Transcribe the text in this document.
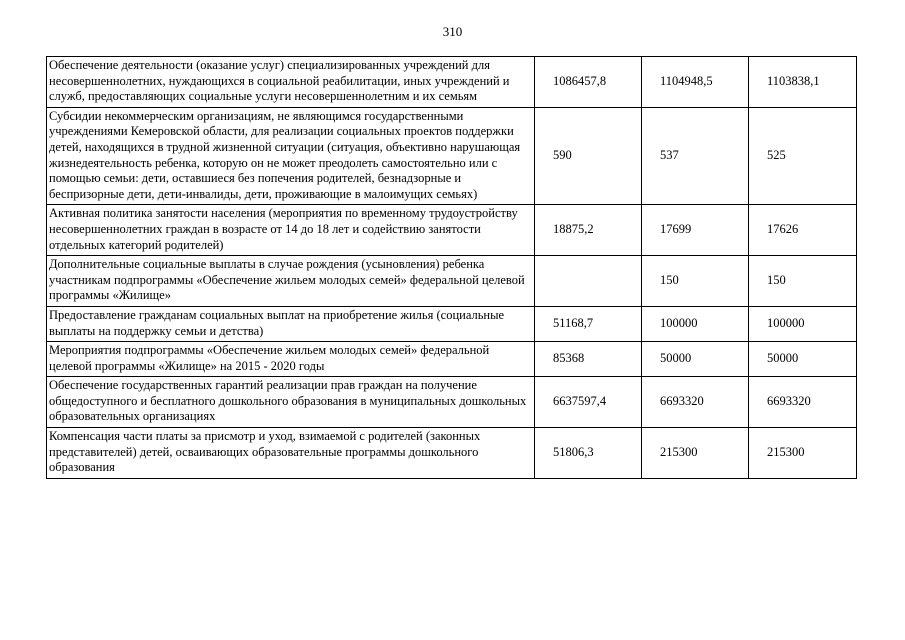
310
Обеспечение деятельности (оказание услуг) специализированных учреждений для несовершеннолетних, нуждающихся в социальной реабилитации, иных учреждений и служб, предоставляющих социальные услуги несовершеннолетним и их семьям	1086457,8	1104948,5	1103838,1
Субсидии некоммерческим организациям, не являющимся государственными учреждениями Кемеровской области, для реализации социальных проектов поддержки детей, находящихся в трудной жизненной ситуации (ситуация, объективно нарушающая жизнедеятельность ребенка, которую он не может преодолеть самостоятельно или с помощью семьи: дети, оставшиеся без попечения родителей, безнадзорные и беспризорные дети, дети-инвалиды, дети, проживающие в малоимущих семьях)	590	537	525
Активная политика занятости населения (мероприятия по временному трудоустройству несовершеннолетних граждан в возрасте от 14 до 18 лет и содействию занятости отдельных категорий родителей)	18875,2	17699	17626
Дополнительные социальные выплаты в случае рождения (усыновления) ребенка участникам подпрограммы «Обеспечение жильем молодых семей» федеральной целевой программы «Жилище»		150	150
Предоставление гражданам социальных выплат на приобретение жилья (социальные выплаты на поддержку семьи и детства)	51168,7	100000	100000
Мероприятия подпрограммы «Обеспечение жильем молодых семей» федеральной целевой программы «Жилище» на 2015 - 2020 годы	85368	50000	50000
Обеспечение государственных гарантий реализации прав граждан на получение общедоступного и бесплатного дошкольного образования в муниципальных дошкольных образовательных организациях	6637597,4	6693320	6693320
Компенсация части платы за присмотр и уход, взимаемой с родителей (законных представителей) детей, осваивающих образовательные программы дошкольного образования	51806,3	215300	215300
